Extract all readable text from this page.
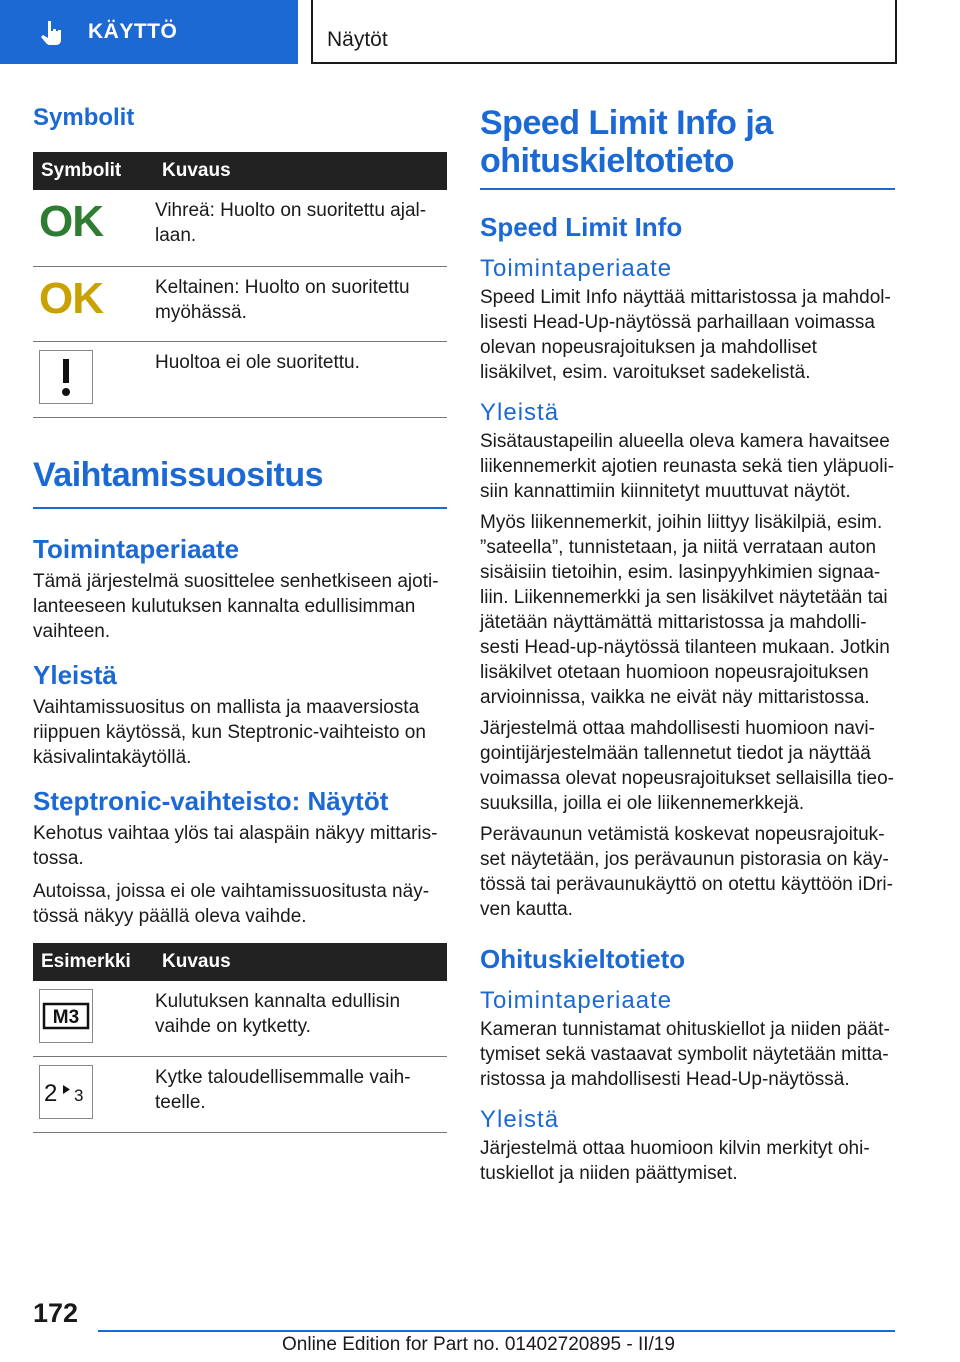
KÄYTTÖ	Näytöt
Symbolit
Symbolit	Kuvaus
OK	Vihreä: Huolto on suoritettu ajallaan.
OK	Keltainen: Huolto on suoritettu myöhässä.

	Huoltoa ei ole suoritettu.
Vaihtamissuositus
Toimintaperiaate

Tämä järjestelmä suosittelee senhetkiseen ajotilanteeseen kulutuksen kannalta edullisimman vaihteen.

Yleistä

Vaihtamissuositus on mallista ja maaversiosta riippuen käytössä, kun Steptronic-vaihteisto on käsivalintakäytöllä.

Steptronic-vaihteisto: Näytöt

Kehotus vaihtaa ylös tai alaspäin näkyy mittaristossa.

Autoissa, joissa ei ole vaihtamissuositusta näytössä näkyy päällä oleva vaihde.

Esimerkki	Kuvaus

M3	Kulutuksen kannalta edullisin vaihde on kytketty.

2 3	Kytke taloudellisemmalle vaihteelle.
Speed Limit Info ja ohituskieltotieto
Speed Limit Info
Toimintaperiaate

Speed Limit Info näyttää mittaristossa ja mahdollisesti Head-Up-näytössä parhaillaan voimassa olevan nopeusrajoituksen ja mahdolliset lisäkilvet, esim. varoitukset sadekelistä.

Yleistä

Sisätaustapeilin alueella oleva kamera havaitsee liikennemerkit ajotien reunasta sekä tien yläpuolisiin kannattimiin kiinnitetyt muuttuvat näytöt.

Myös liikennemerkit, joihin liittyy lisäkilpiä, esim. ”sateella”, tunnistetaan, ja niitä verrataan auton sisäisiin tietoihin, esim. lasinpyyhkimien signaaliin. Liikennemerkki ja sen lisäkilvet näytetään tai jätetään näyttämättä mittaristossa ja mahdollisesti Head-up-näytössä tilanteen mukaan. Jotkin lisäkilvet otetaan huomioon nopeusrajoituksen arvioinnissa, vaikka ne eivät näy mittaristossa.

Järjestelmä ottaa mahdollisesti huomioon navigointijärjestelmään tallennetut tiedot ja näyttää voimassa olevat nopeusrajoitukset sellaisilla tieosuuksilla, joilla ei ole liikennemerkkejä.

Perävaunun vetämistä koskevat nopeusrajoitukset näytetään, jos perävaunun pistorasia on käytössä tai perävaunukäyttö on otettu käyttöön iDriven kautta.

Ohituskieltotieto
Toimintaperiaate

Kameran tunnistamat ohituskiellot ja niiden päättymiset sekä vastaavat symbolit näytetään mittaristossa ja mahdollisesti Head-Up-näytössä.

Yleistä

Järjestelmä ottaa huomioon kilvin merkityt ohituskiellot ja niiden päättymiset.

172
Online Edition for Part no. 01402720895 - II/19
